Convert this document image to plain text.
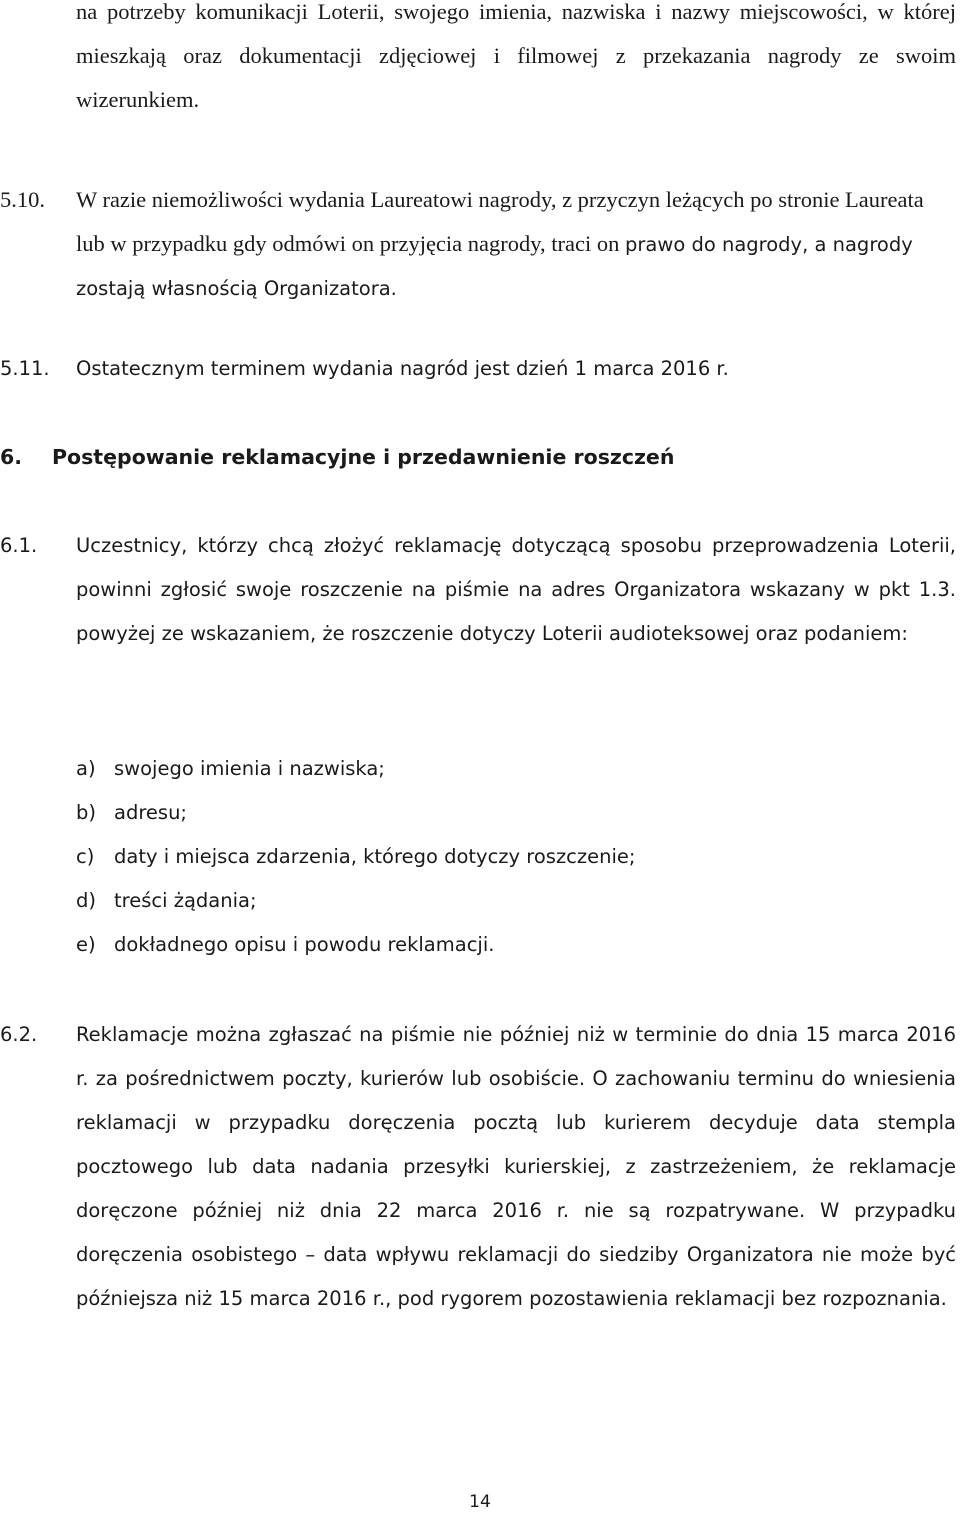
na potrzeby komunikacji Loterii, swojego imienia, nazwiska i nazwy miejscowości, w której mieszkają oraz dokumentacji zdjęciowej i filmowej z przekazania nagrody ze swoim wizerunkiem.
5.10.	W razie niemożliwości wydania Laureatowi nagrody, z przyczyn leżących po stronie Laureata lub w przypadku gdy odmówi on przyjęcia nagrody, traci on prawo do nagrody, a nagrody zostają własnością Organizatora.
5.11.	Ostatecznym terminem wydania nagród jest dzień 1 marca 2016 r.
6. Postępowanie reklamacyjne i przedawnienie roszczeń
6.1.	Uczestnicy, którzy chcą złożyć reklamację dotyczącą sposobu przeprowadzenia Loterii, powinni zgłosić swoje roszczenie na piśmie na adres Organizatora wskazany w pkt 1.3. powyżej ze wskazaniem, że roszczenie dotyczy Loterii audioteksowej oraz podaniem:
a) swojego imienia i nazwiska;
b) adresu;
c) daty i miejsca zdarzenia, którego dotyczy roszczenie;
d) treści żądania;
e) dokładnego opisu i powodu reklamacji.
6.2.	Reklamacje można zgłaszać na piśmie nie później niż w terminie do dnia 15 marca 2016 r. za pośrednictwem poczty, kurierów lub osobiście. O zachowaniu terminu do wniesienia reklamacji w przypadku doręczenia pocztą lub kurierem decyduje data stempla pocztowego lub data nadania przesyłki kurierskiej, z zastrzeżeniem, że reklamacje doręczone później niż dnia 22 marca 2016 r. nie są rozpatrywane. W przypadku doręczenia osobistego – data wpływu reklamacji do siedziby Organizatora nie może być późniejsza niż 15 marca 2016 r., pod rygorem pozostawienia reklamacji bez rozpoznania.
14
